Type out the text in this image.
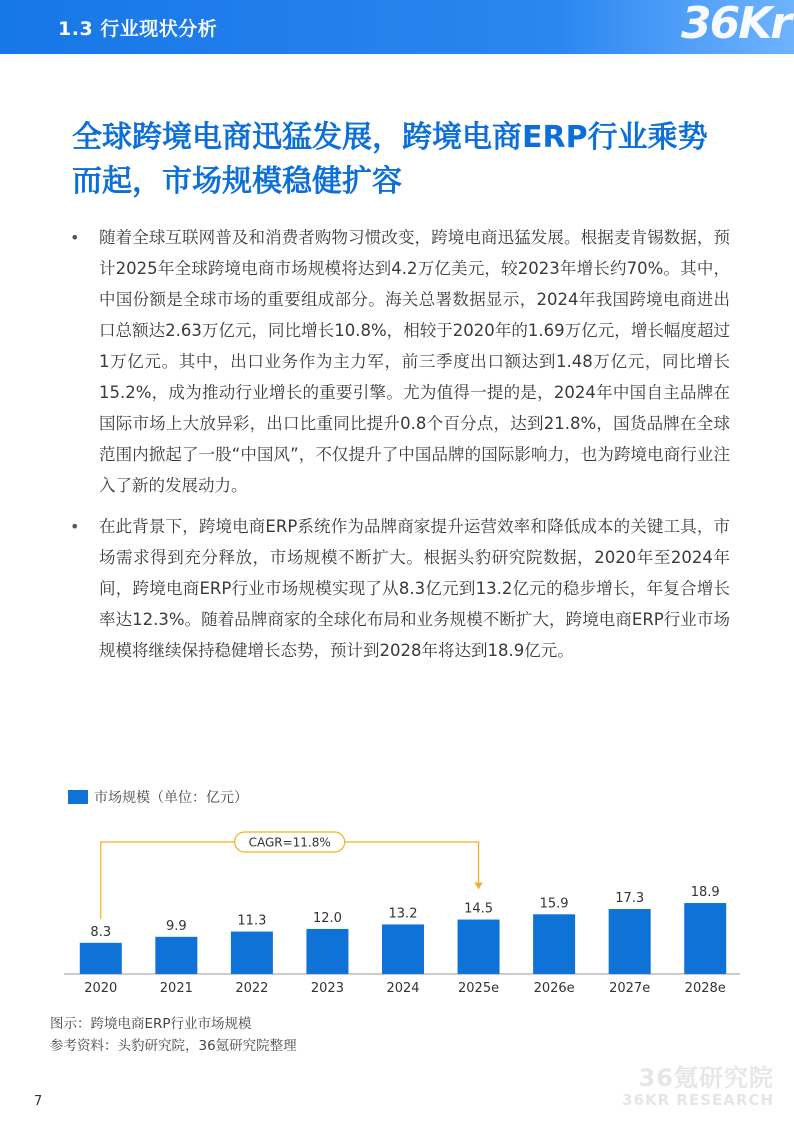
1.3 行业现状分析	36Kr
全球跨境电商迅猛发展，跨境电商ERP行业乘势而起，市场规模稳健扩容
• 随着全球互联网普及和消费者购物习惯改变，跨境电商迅猛发展。根据麦肯锡数据，预计2025年全球跨境电商市场规模将达到4.2万亿美元，较2023年增长约70%。其中，中国份额是全球市场的重要组成部分。海关总署数据显示，2024年我国跨境电商进出口总额达2.63万亿元，同比增长10.8%，相较于2020年的1.69万亿元，增长幅度超过1万亿元。其中，出口业务作为主力军，前三季度出口额达到1.48万亿元，同比增长15.2%，成为推动行业增长的重要引擎。尤为值得一提的是，2024年中国自主品牌在国际市场上大放异彩，出口比重同比提升0.8个百分点，达到21.8%，国货品牌在全球范围内掀起了一股“中国风”，不仅提升了中国品牌的国际影响力，也为跨境电商行业注入了新的发展动力。
• 在此背景下，跨境电商ERP系统作为品牌商家提升运营效率和降低成本的关键工具，市场需求得到充分释放，市场规模不断扩大。根据头豹研究院数据，2020年至2024年间，跨境电商ERP行业市场规模实现了从8.3亿元到13.2亿元的稳步增长，年复合增长率达12.3%。随着品牌商家的全球化布局和业务规模不断扩大，跨境电商ERP行业市场规模将继续保持稳健增长态势，预计到2028年将达到18.9亿元。
市场规模（单位：亿元）
8.3
2020
9.9
2021
11.3
2022
12.0
2023
13.2
2024
14.5
2025e
15.9
2026e
17.3
2027e
18.9
2028e
CAGR=11.8%
图示：跨境电商ERP行业市场规模
参考资料：头豹研究院，36氪研究院整理
36氪研究院
36KR RESEARCH
7
